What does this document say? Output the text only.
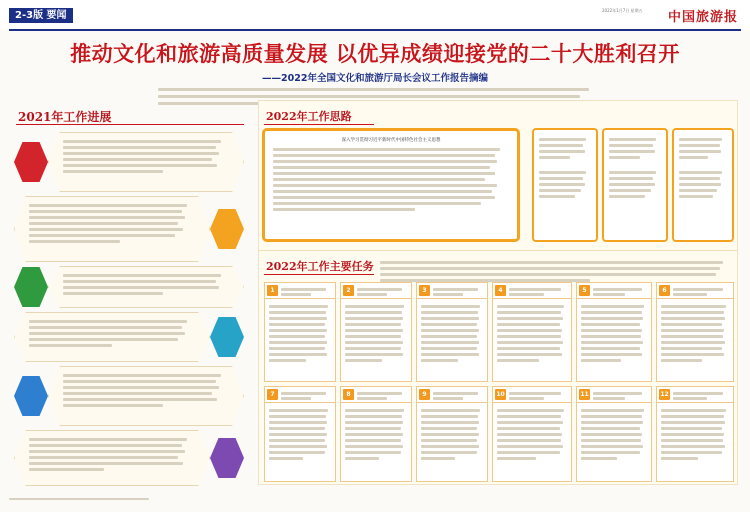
2-3版 要闻	2022年1月7日 星期五	中国旅游报
推动文化和旅游高质量发展 以优异成绩迎接党的二十大胜利召开
——2022年全国文化和旅游厅局长会议工作报告摘编
2021年工作进展	2022年工作思路
深入学习贯彻习近平新时代中国特色社会主义思想
2022年工作主要任务
1	2	3	4	5	6
7	8	9	10	11	12
